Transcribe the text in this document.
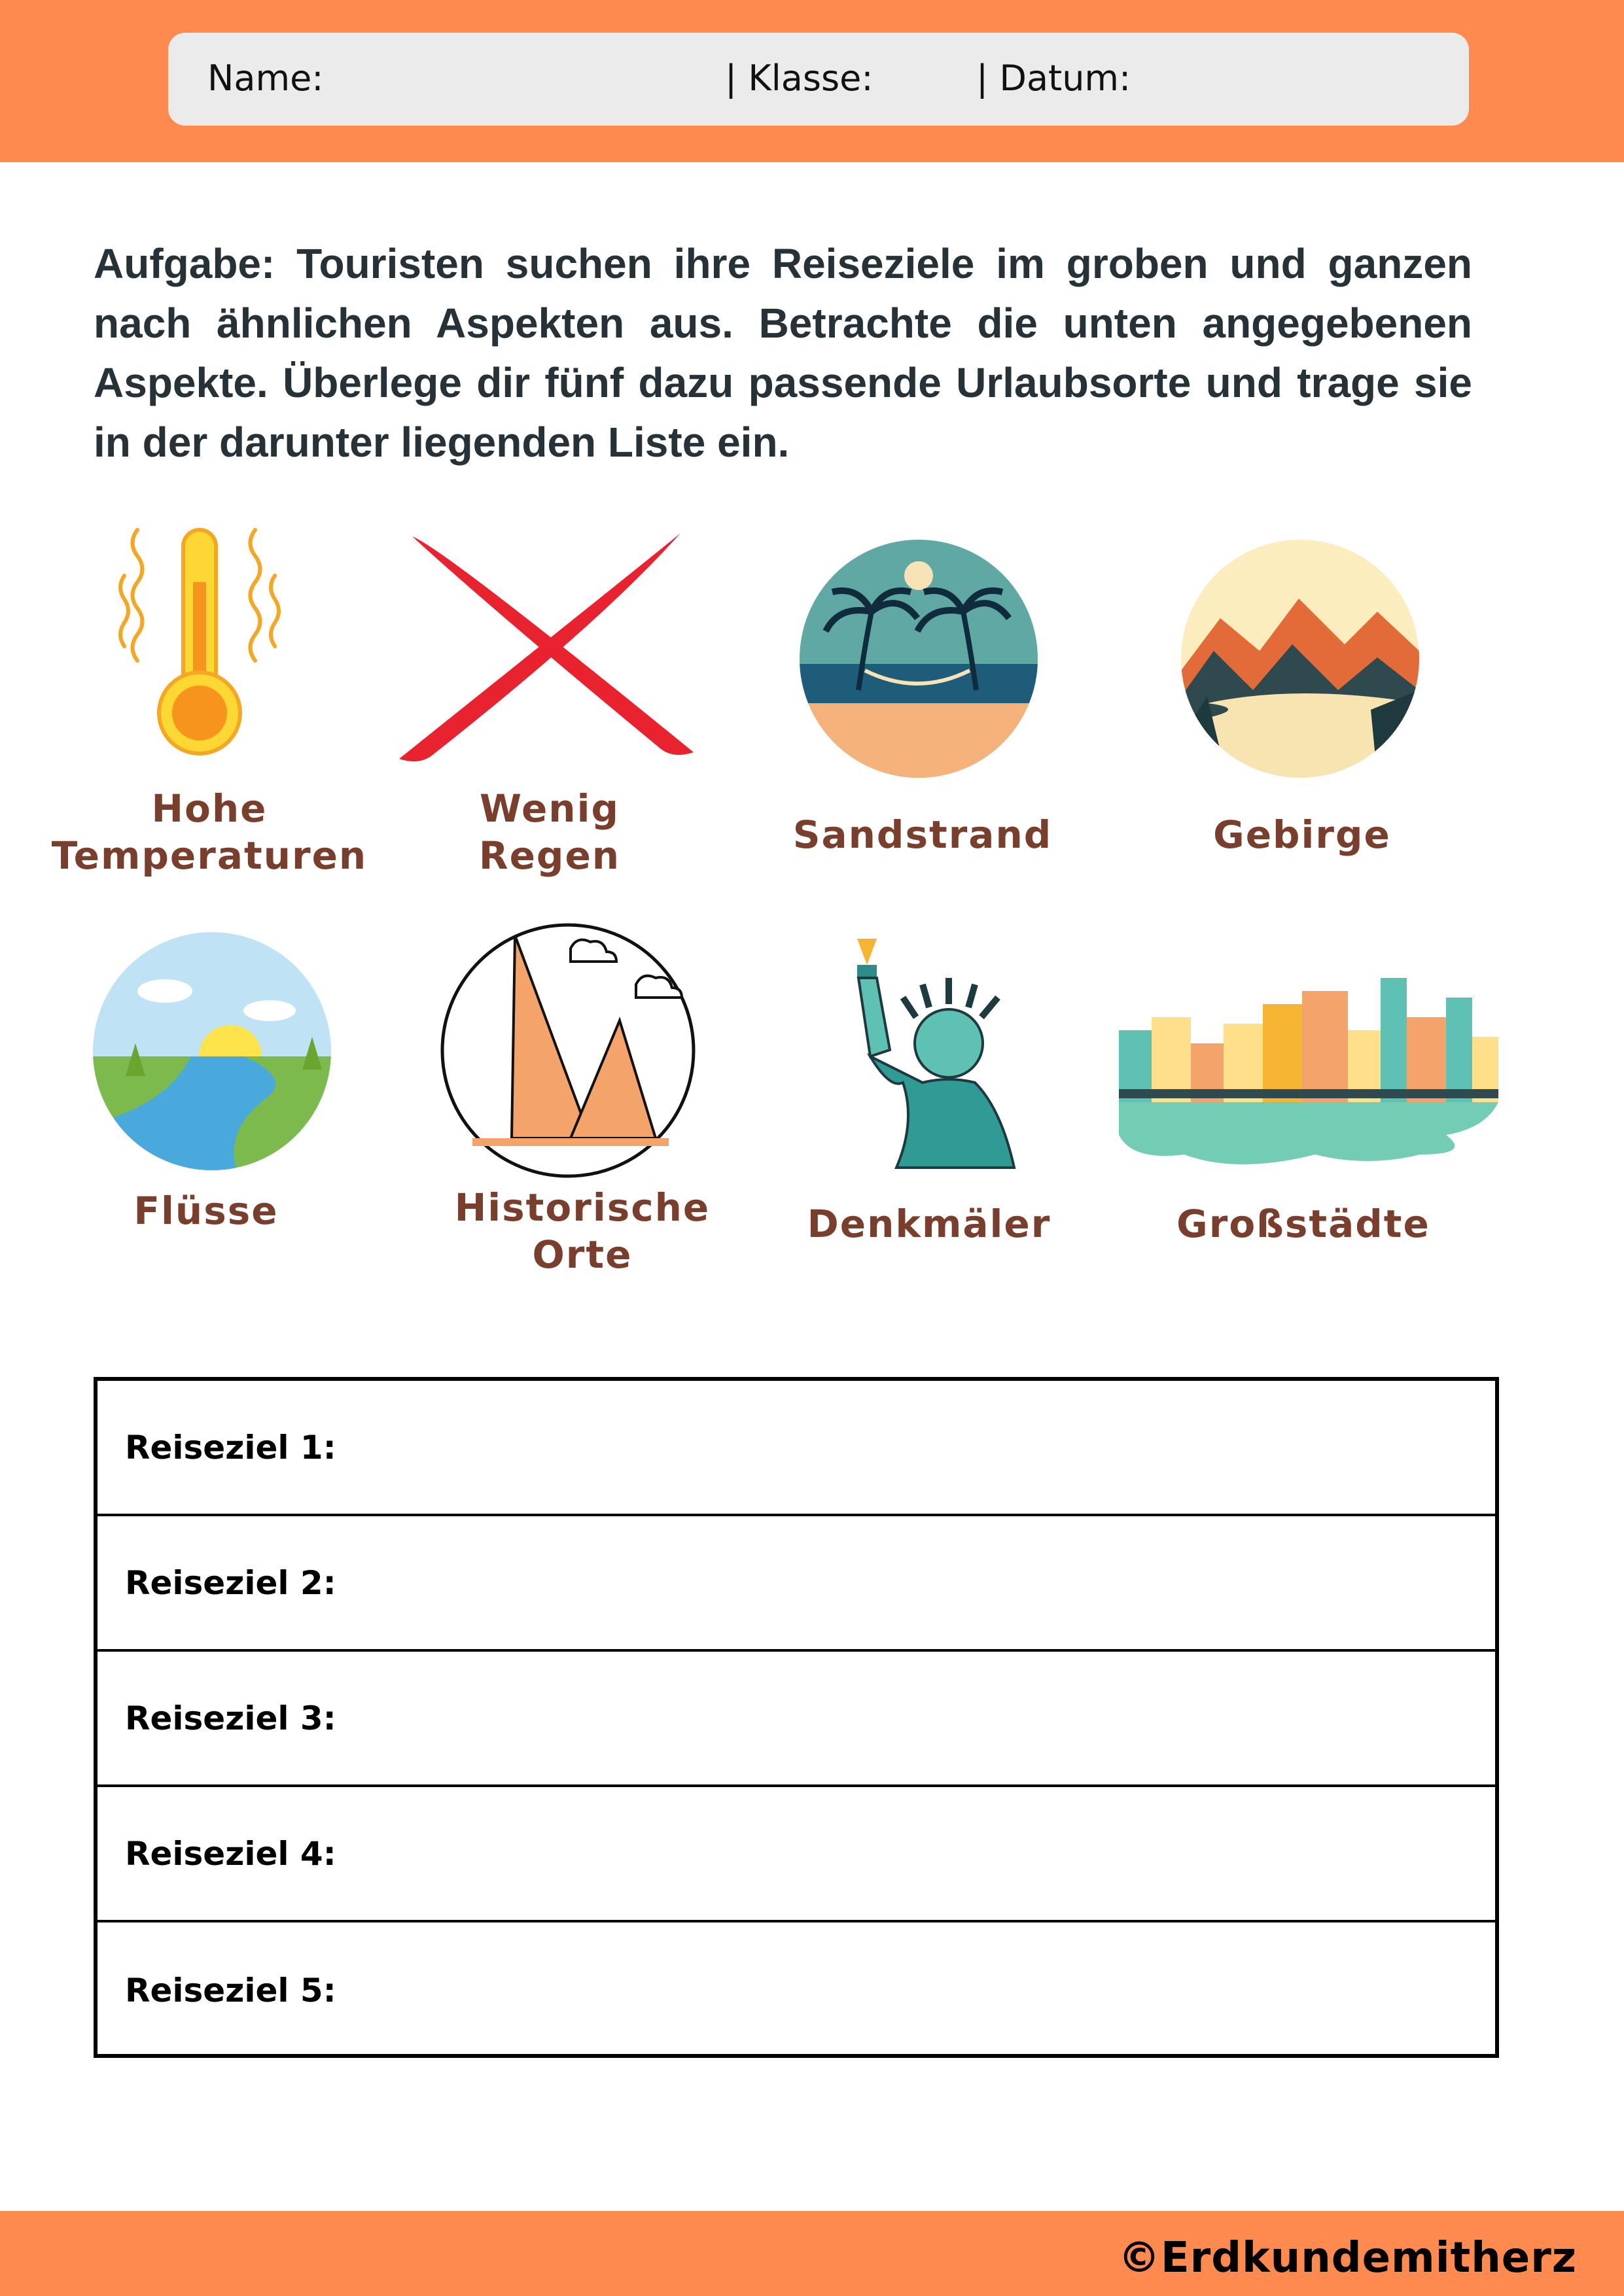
Name:	| Klasse:	| Datum:

Aufgabe: Touristen suchen ihre Reiseziele im groben und ganzen nach ähnlichen Aspekten aus. Betrachte die unten angegebenen Aspekte. Überlege dir fünf dazu passende Urlaubsorte und trage sie in der darunter liegenden Liste ein.

Hohe
Temperaturen
Wenig
Regen	Sandstrand	Gebirge
Flüsse	Historische
Orte
Denkmäler	Großstädte
Reiseziel 1:
Reiseziel 2:
Reiseziel 3:
Reiseziel 4:
Reiseziel 5:
©Erdkundemitherz
